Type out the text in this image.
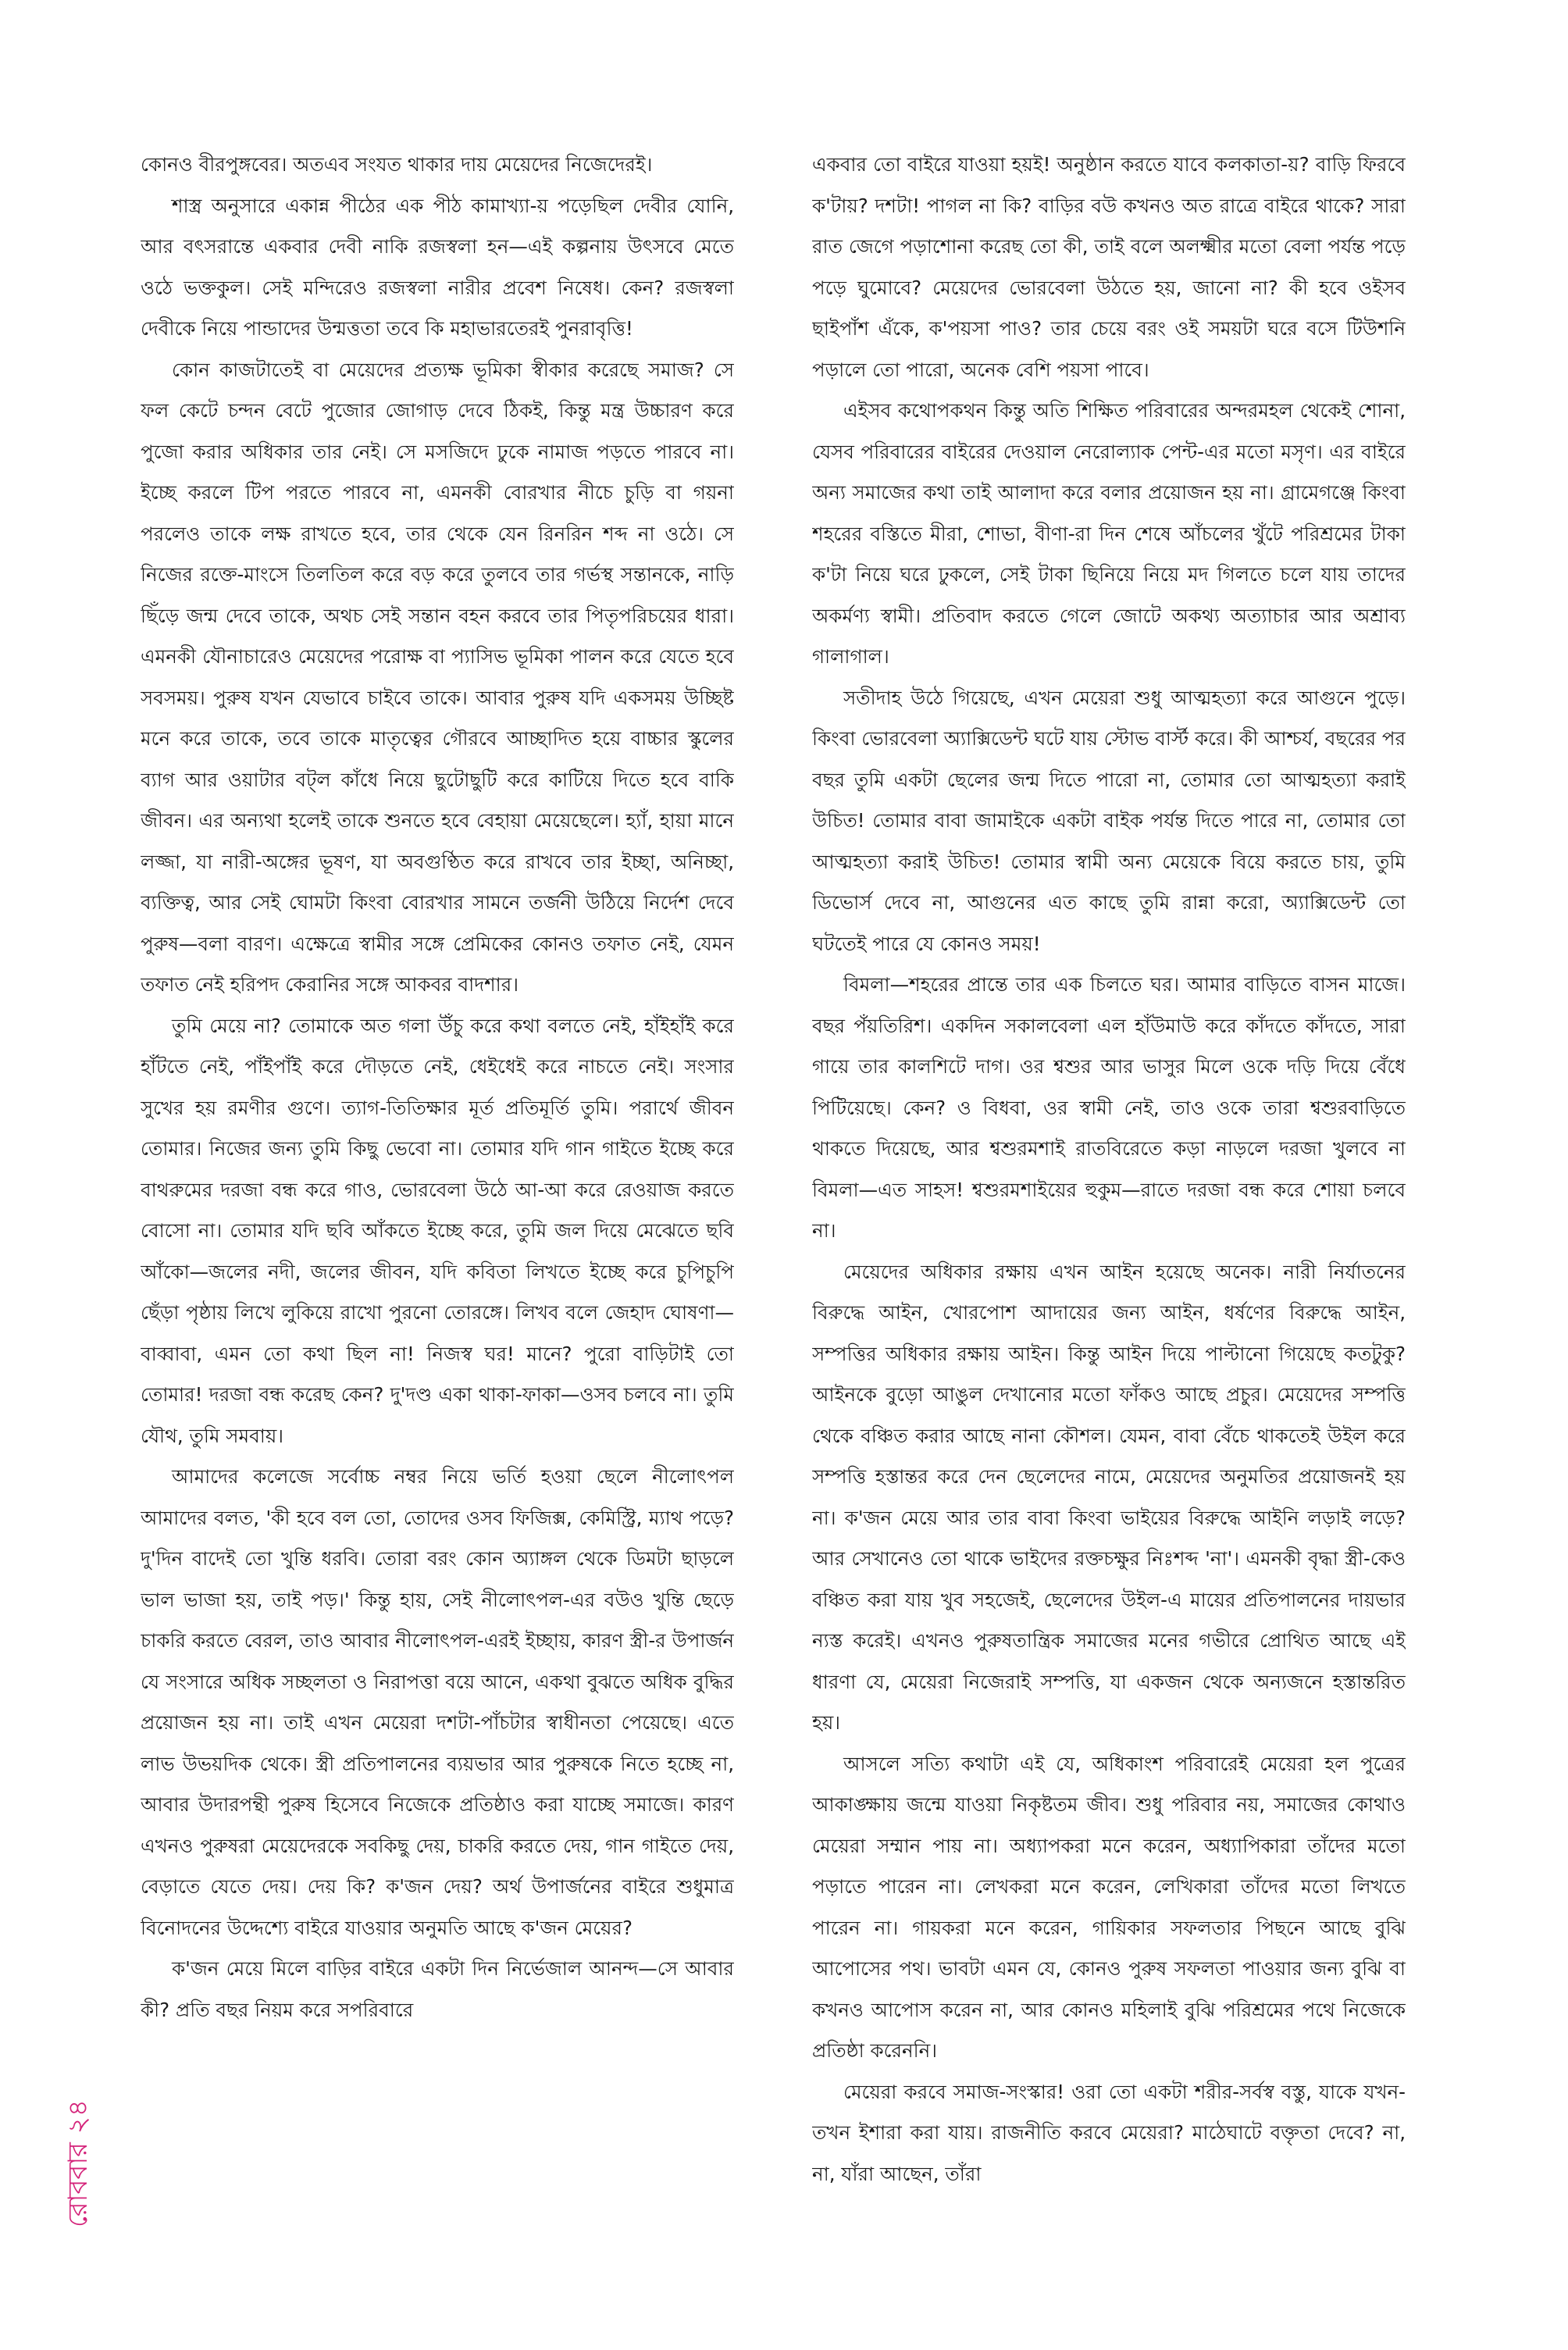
কোনও বীরপুঙ্গবের। অতএব সংযত থাকার দায় মেয়েদের নিজেদেরই।

শাস্ত্র অনুসারে একান্ন পীঠের এক পীঠ কামাখ্যা-য় পড়েছিল দেবীর যোনি, আর বৎসরান্তে একবার দেবী নাকি রজস্বলা হন—এই কল্পনায় উৎসবে মেতে ওঠে ভক্তকুল। সেই মন্দিরেও রজস্বলা নারীর প্রবেশ নিষেধ। কেন? রজস্বলা দেবীকে নিয়ে পান্ডাদের উন্মত্ততা তবে কি মহাভারতেরই পুনরাবৃত্তি!

কোন কাজটাতেই বা মেয়েদের প্রত্যক্ষ ভূমিকা স্বীকার করেছে সমাজ? সে ফল কেটে চন্দন বেটে পুজোর জোগাড় দেবে ঠিকই, কিন্তু মন্ত্র উচ্চারণ করে পুজো করার অধিকার তার নেই। সে মসজিদে ঢুকে নামাজ পড়তে পারবে না। ইচ্ছে করলে টিপ পরতে পারবে না, এমনকী বোরখার নীচে চুড়ি বা গয়না পরলেও তাকে লক্ষ রাখতে হবে, তার থেকে যেন রিনরিন শব্দ না ওঠে। সে নিজের রক্তে-মাংসে তিলতিল করে বড় করে তুলবে তার গর্ভস্থ সন্তানকে, নাড়ি ছিঁড়ে জন্ম দেবে তাকে, অথচ সেই সন্তান বহন করবে তার পিতৃপরিচয়ের ধারা। এমনকী যৌনাচারেও মেয়েদের পরোক্ষ বা প্যাসিভ ভূমিকা পালন করে যেতে হবে সবসময়। পুরুষ যখন যেভাবে চাইবে তাকে। আবার পুরুষ যদি একসময় উচ্ছিষ্ট মনে করে তাকে, তবে তাকে মাতৃত্বের গৌরবে আচ্ছাদিত হয়ে বাচ্চার স্কুলের ব্যাগ আর ওয়াটার বট্‌ল কাঁধে নিয়ে ছুটোছুটি করে কাটিয়ে দিতে হবে বাকি জীবন। এর অন্যথা হলেই তাকে শুনতে হবে বেহায়া মেয়েছেলে। হ্যাঁ, হায়া মানে লজ্জা, যা নারী-অঙ্গের ভূষণ, যা অবগুণ্ঠিত করে রাখবে তার ইচ্ছা, অনিচ্ছা, ব্যক্তিত্ব, আর সেই ঘোমটা কিংবা বোরখার সামনে তর্জনী উঠিয়ে নির্দেশ দেবে পুরুষ—বলা বারণ। এক্ষেত্রে স্বামীর সঙ্গে প্রেমিকের কোনও তফাত নেই, যেমন তফাত নেই হরিপদ কেরানির সঙ্গে আকবর বাদশার।

তুমি মেয়ে না? তোমাকে অত গলা উঁচু করে কথা বলতে নেই, হাঁইহাঁই করে হাঁটতে নেই, পাঁইপাঁই করে দৌড়তে নেই, ধেইধেই করে নাচতে নেই। সংসার সুখের হয় রমণীর গুণে। ত্যাগ-তিতিক্ষার মূর্ত প্রতিমূর্তি তুমি। পরার্থে জীবন তোমার। নিজের জন্য তুমি কিছু ভেবো না। তোমার যদি গান গাইতে ইচ্ছে করে বাথরুমের দরজা বন্ধ করে গাও, ভোরবেলা উঠে আ-আ করে রেওয়াজ করতে বোসো না। তোমার যদি ছবি আঁকতে ইচ্ছে করে, তুমি জল দিয়ে মেঝেতে ছবি আঁকো—জলের নদী, জলের জীবন, যদি কবিতা লিখতে ইচ্ছে করে চুপিচুপি ছেঁড়া পৃষ্ঠায় লিখে লুকিয়ে রাখো পুরনো তোরঙ্গে। লিখব বলে জেহাদ ঘোষণা—বাব্বাবা, এমন তো কথা ছিল না! নিজস্ব ঘর! মানে? পুরো বাড়িটাই তো তোমার! দরজা বন্ধ করেছ কেন? দু'দণ্ড একা থাকা-ফাকা—ওসব চলবে না। তুমি যৌথ, তুমি সমবায়।

আমাদের কলেজে সর্বোচ্চ নম্বর নিয়ে ভর্তি হওয়া ছেলে নীলোৎপল আমাদের বলত, 'কী হবে বল তো, তোদের ওসব ফিজিক্স, কেমিস্ট্রি, ম্যাথ পড়ে? দু'দিন বাদেই তো খুন্তি ধরবি। তোরা বরং কোন অ্যাঙ্গল থেকে ডিমটা ছাড়লে ভাল ভাজা হয়, তাই পড়।' কিন্তু হায়, সেই নীলোৎপল-এর বউও খুন্তি ছেড়ে চাকরি করতে বেরল, তাও আবার নীলোৎপল-এরই ইচ্ছায়, কারণ স্ত্রী-র উপার্জন যে সংসারে অধিক সচ্ছলতা ও নিরাপত্তা বয়ে আনে, একথা বুঝতে অধিক বুদ্ধির প্রয়োজন হয় না। তাই এখন মেয়েরা দশটা-পাঁচটার স্বাধীনতা পেয়েছে। এতে লাভ উভয়দিক থেকে। স্ত্রী প্রতিপালনের ব্যয়ভার আর পুরুষকে নিতে হচ্ছে না, আবার উদারপন্থী পুরুষ হিসেবে নিজেকে প্রতিষ্ঠাও করা যাচ্ছে সমাজে। কারণ এখনও পুরুষরা মেয়েদেরকে সবকিছু দেয়, চাকরি করতে দেয়, গান গাইতে দেয়, বেড়াতে যেতে দেয়। দেয় কি? ক'জন দেয়? অর্থ উপার্জনের বাইরে শুধুমাত্র বিনোদনের উদ্দেশ্যে বাইরে যাওয়ার অনুমতি আছে ক'জন মেয়ের?

ক'জন মেয়ে মিলে বাড়ির বাইরে একটা দিন নির্ভেজাল আনন্দ—সে আবার কী? প্রতি বছর নিয়ম করে সপরিবারে

একবার তো বাইরে যাওয়া হয়ই! অনুষ্ঠান করতে যাবে কলকাতা-য়? বাড়ি ফিরবে ক'টায়? দশটা! পাগল না কি? বাড়ির বউ কখনও অত রাত্রে বাইরে থাকে? সারা রাত জেগে পড়াশোনা করেছ তো কী, তাই বলে অলক্ষ্মীর মতো বেলা পর্যন্ত পড়ে পড়ে ঘুমোবে? মেয়েদের ভোরবেলা উঠতে হয়, জানো না? কী হবে ওইসব ছাইপাঁশ এঁকে, ক'পয়সা পাও? তার চেয়ে বরং ওই সময়টা ঘরে বসে টিউশনি পড়ালে তো পারো, অনেক বেশি পয়সা পাবে।

এইসব কথোপকথন কিন্তু অতি শিক্ষিত পরিবারের অন্দরমহল থেকেই শোনা, যেসব পরিবারের বাইরের দেওয়াল নেরোল্যাক পেন্ট-এর মতো মসৃণ। এর বাইরে অন্য সমাজের কথা তাই আলাদা করে বলার প্রয়োজন হয় না। গ্রামেগঞ্জে কিংবা শহরের বস্তিতে মীরা, শোভা, বীণা-রা দিন শেষে আঁচলের খুঁটে পরিশ্রমের টাকা ক'টা নিয়ে ঘরে ঢুকলে, সেই টাকা ছিনিয়ে নিয়ে মদ গিলতে চলে যায় তাদের অকর্মণ্য স্বামী। প্রতিবাদ করতে গেলে জোটে অকথ্য অত্যাচার আর অশ্রাব্য গালাগাল।

সতীদাহ উঠে গিয়েছে, এখন মেয়েরা শুধু আত্মহত্যা করে আগুনে পুড়ে। কিংবা ভোরবেলা অ্যাক্সিডেন্ট ঘটে যায় স্টোভ বার্স্ট করে। কী আশ্চর্য, বছরের পর বছর তুমি একটা ছেলের জন্ম দিতে পারো না, তোমার তো আত্মহত্যা করাই উচিত! তোমার বাবা জামাইকে একটা বাইক পর্যন্ত দিতে পারে না, তোমার তো আত্মহত্যা করাই উচিত! তোমার স্বামী অন্য মেয়েকে বিয়ে করতে চায়, তুমি ডিভোর্স দেবে না, আগুনের এত কাছে তুমি রান্না করো, অ্যাক্সিডেন্ট তো ঘটতেই পারে যে কোনও সময়!

বিমলা—শহরের প্রান্তে তার এক চিলতে ঘর। আমার বাড়িতে বাসন মাজে। বছর পঁয়তিরিশ। একদিন সকালবেলা এল হাঁউমাউ করে কাঁদতে কাঁদতে, সারা গায়ে তার কালশিটে দাগ। ওর শ্বশুর আর ভাসুর মিলে ওকে দড়ি দিয়ে বেঁধে পিটিয়েছে। কেন? ও বিধবা, ওর স্বামী নেই, তাও ওকে তারা শ্বশুরবাড়িতে থাকতে দিয়েছে, আর শ্বশুরমশাই রাতবিরেতে কড়া নাড়লে দরজা খুলবে না বিমলা—এত সাহস! শ্বশুরমশাইয়ের হুকুম—রাতে দরজা বন্ধ করে শোয়া চলবে না।

মেয়েদের অধিকার রক্ষায় এখন আইন হয়েছে অনেক। নারী নির্যাতনের বিরুদ্ধে আইন, খোরপোশ আদায়ের জন্য আইন, ধর্ষণের বিরুদ্ধে আইন, সম্পত্তির অধিকার রক্ষায় আইন। কিন্তু আইন দিয়ে পাল্টানো গিয়েছে কতটুকু? আইনকে বুড়ো আঙুল দেখানোর মতো ফাঁকও আছে প্রচুর। মেয়েদের সম্পত্তি থেকে বঞ্চিত করার আছে নানা কৌশল। যেমন, বাবা বেঁচে থাকতেই উইল করে সম্পত্তি হস্তান্তর করে দেন ছেলেদের নামে, মেয়েদের অনুমতির প্রয়োজনই হয় না। ক'জন মেয়ে আর তার বাবা কিংবা ভাইয়ের বিরুদ্ধে আইনি লড়াই লড়ে? আর সেখানেও তো থাকে ভাইদের রক্তচক্ষুর নিঃশব্দ 'না'। এমনকী বৃদ্ধা স্ত্রী-কেও বঞ্চিত করা যায় খুব সহজেই, ছেলেদের উইল-এ মায়ের প্রতিপালনের দায়ভার ন্যস্ত করেই। এখনও পুরুষতান্ত্রিক সমাজের মনের গভীরে প্রোথিত আছে এই ধারণা যে, মেয়েরা নিজেরাই সম্পত্তি, যা একজন থেকে অন্যজনে হস্তান্তরিত হয়।

আসলে সত্যি কথাটা এই যে, অধিকাংশ পরিবারেই মেয়েরা হল পুত্রের আকাঙ্ক্ষায় জন্মে যাওয়া নিকৃষ্টতম জীব। শুধু পরিবার নয়, সমাজের কোথাও মেয়েরা সম্মান পায় না। অধ্যাপকরা মনে করেন, অধ্যাপিকারা তাঁদের মতো পড়াতে পারেন না। লেখকরা মনে করেন, লেখিকারা তাঁদের মতো লিখতে পারেন না। গায়করা মনে করেন, গায়িকার সফলতার পিছনে আছে বুঝি আপোসের পথ। ভাবটা এমন যে, কোনও পুরুষ সফলতা পাওয়ার জন্য বুঝি বা কখনও আপোস করেন না, আর কোনও মহিলাই বুঝি পরিশ্রমের পথে নিজেকে প্রতিষ্ঠা করেননি।

মেয়েরা করবে সমাজ-সংস্কার! ওরা তো একটা শরীর-সর্বস্ব বস্তু, যাকে যখন-তখন ইশারা করা যায়। রাজনীতি করবে মেয়েরা? মাঠেঘাটে বক্তৃতা দেবে? না, না, যাঁরা আছেন, তাঁরা

রোববার ২৪
